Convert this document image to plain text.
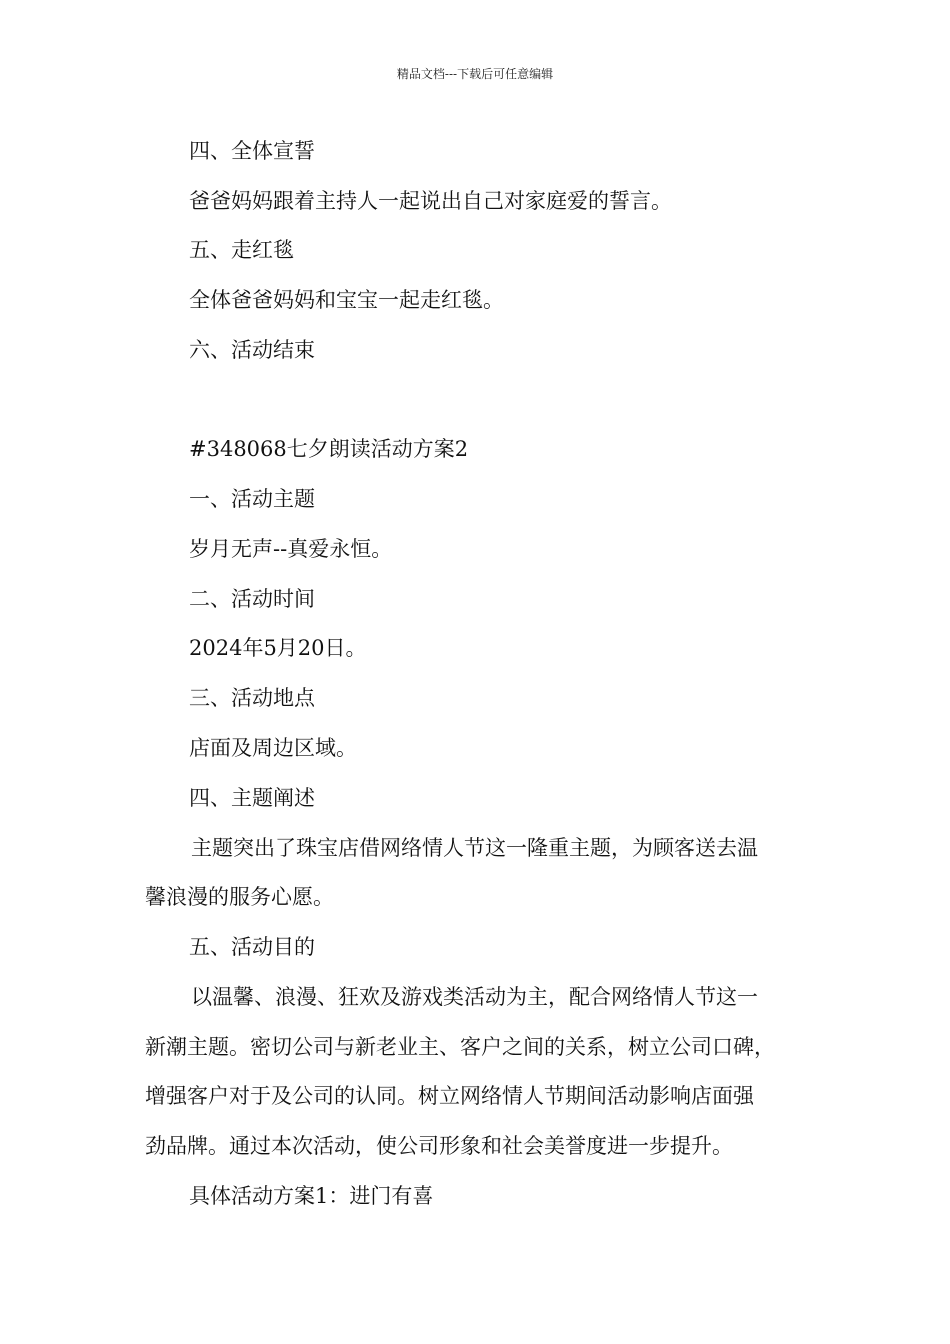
精品文档---下载后可任意编辑
四、全体宣誓
爸爸妈妈跟着主持人一起说出自己对家庭爱的誓言。
五、走红毯
全体爸爸妈妈和宝宝一起走红毯。
六、活动结束
#348068七夕朗读活动方案2
一、活动主题
岁月无声--真爱永恒。
二、活动时间
2024年5月20日。
三、活动地点
店面及周边区域。
四、主题阐述
主题突出了珠宝店借网络情人节这一隆重主题，为顾客送去温
馨浪漫的服务心愿。
五、活动目的
以温馨、浪漫、狂欢及游戏类活动为主，配合网络情人节这一
新潮主题。密切公司与新老业主、客户之间的关系，树立公司口碑，
增强客户对于及公司的认同。树立网络情人节期间活动影响店面强
劲品牌。通过本次活动，使公司形象和社会美誉度进一步提升。
具体活动方案1：进门有喜
